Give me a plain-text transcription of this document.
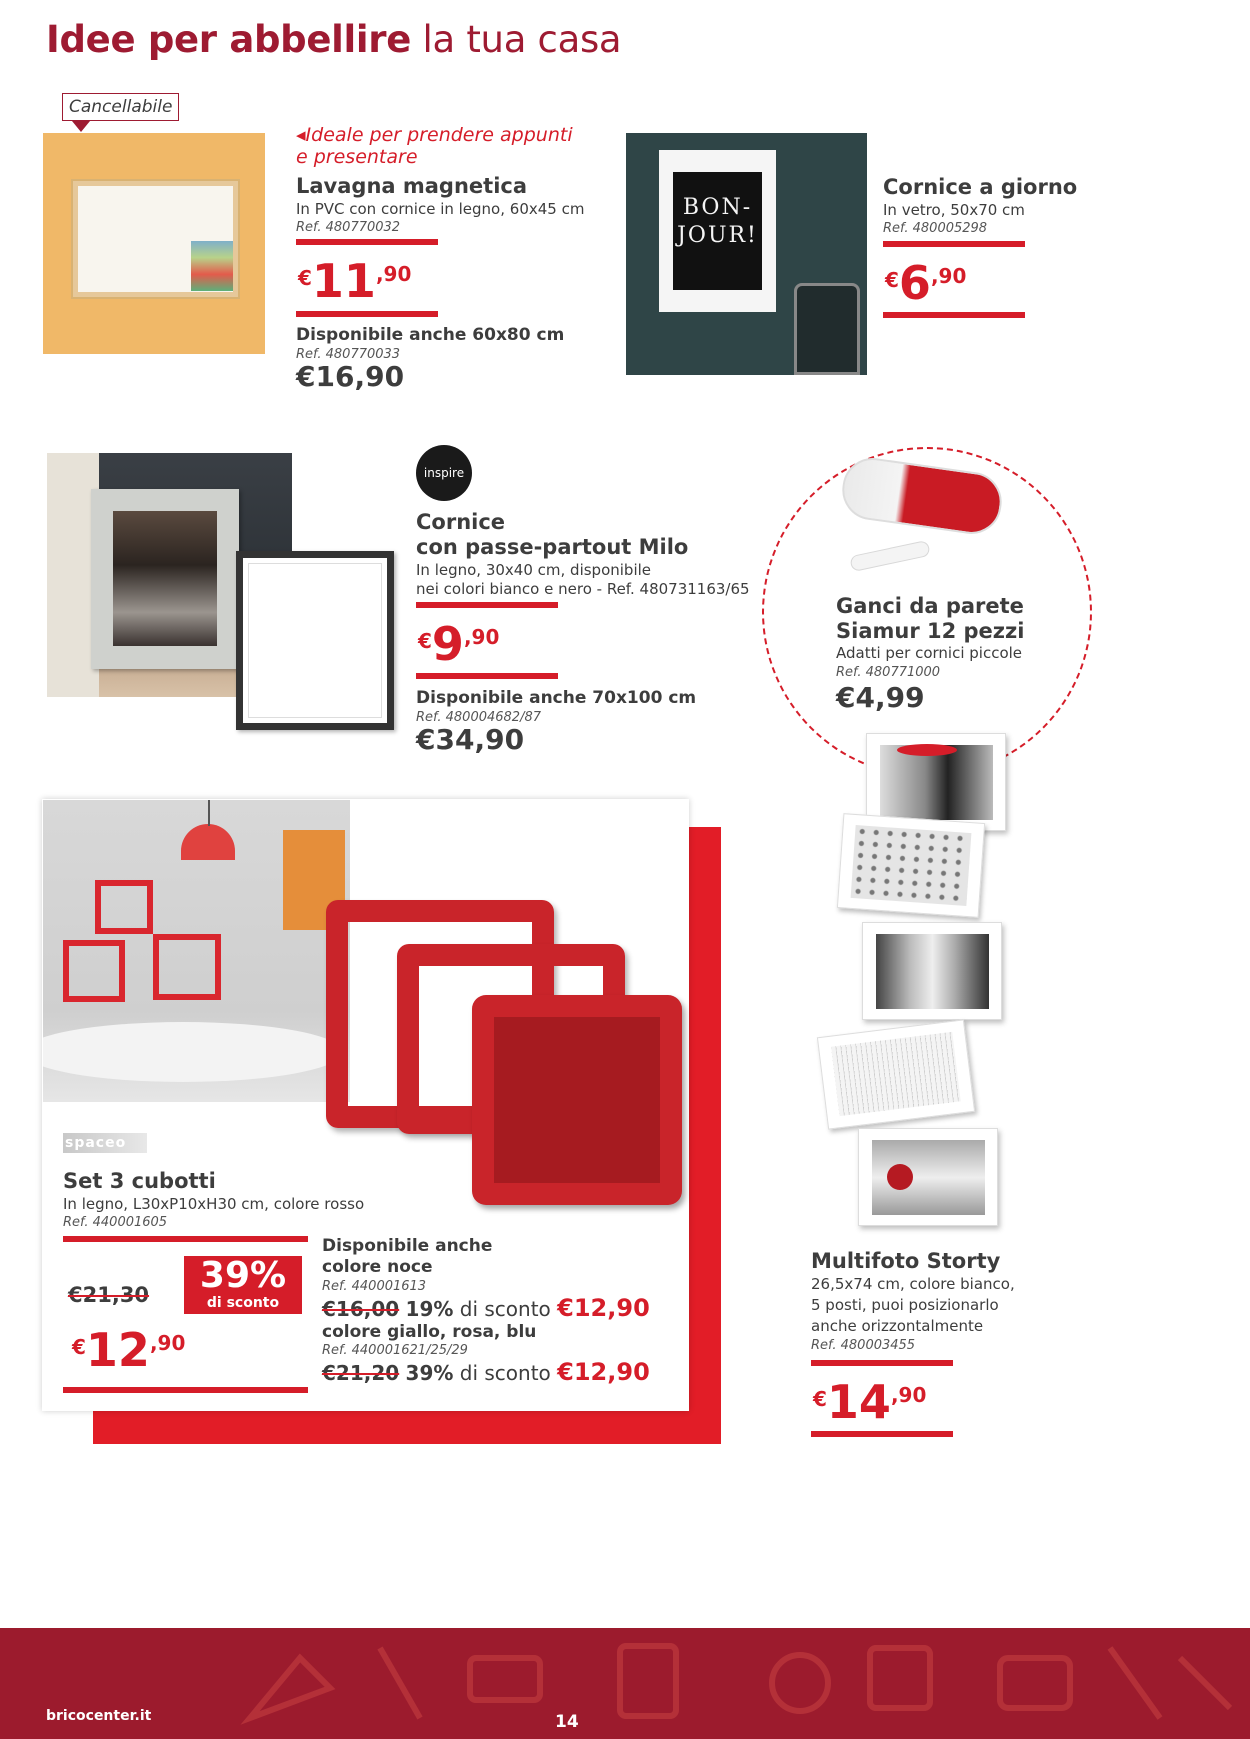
Idee per abbellire la tua casa
Cancellabile
◂Ideale per prendere appunti e presentare
Lavagna magnetica
In PVC con cornice in legno, 60x45 cm
Ref. 480770032
€11,90
Disponibile anche 60x80 cm
Ref. 480770033
€16,90
BON-JOUR!
Cornice a giorno
In vetro, 50x70 cm
Ref. 480005298
€6,90
inspire
Cornice
con passe-partout Milo
In legno, 30x40 cm, disponibile
nei colori bianco e nero - Ref. 480731163/65
€9,90
Disponibile anche 70x100 cm
Ref. 480004682/87
€34,90
Ganci da parete
Siamur 12 pezzi
Adatti per cornici piccole
Ref. 480771000
€4,99
Multifoto Storty
26,5x74 cm, colore bianco,
5 posti, puoi posizionarlo
anche orizzontalmente
Ref. 480003455
€14,90
spaceo
Set 3 cubotti
In legno, L30xP10xH30 cm, colore rosso
Ref. 440001605
€21,30	39%
di sconto
€12,90
Disponibile anche
colore noce
Ref. 440001613
€16,00 19% di sconto €12,90
colore giallo, rosa, blu
Ref. 440001621/25/29
€21,20 39% di sconto €12,90
bricocenter.it	14
